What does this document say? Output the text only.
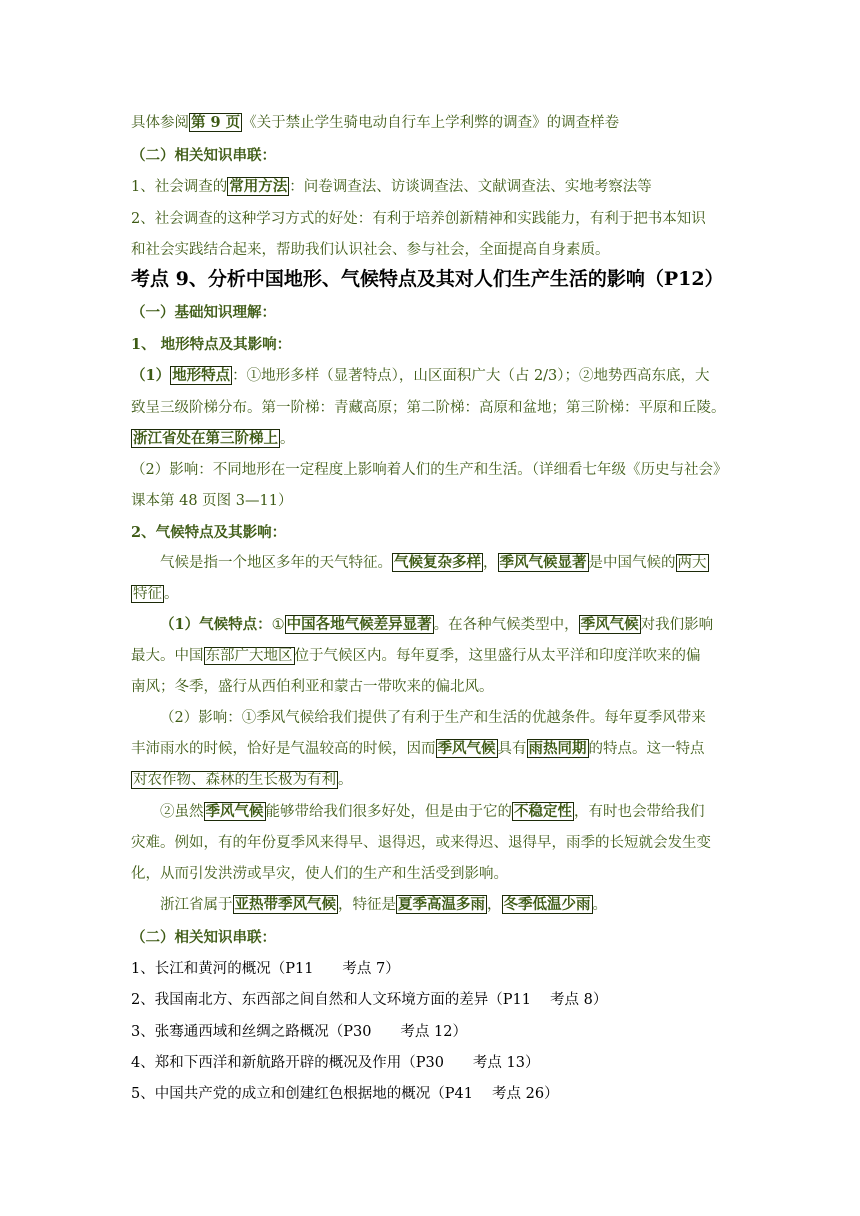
具体参阅 第 9 页 《关于禁止学生骑电动自行车上学利弊的调查》的调查样卷
（二）相关知识串联：
1、社会调查的 常用方法 ：问卷调查法、访谈调查法、文献调查法、实地考察法等
2、社会调查的这种学习方式的好处：有利于培养创新精神和实践能力，有利于把书本知识
和社会实践结合起来，帮助我们认识社会、参与社会，全面提高自身素质。
考点 9、分析中国地形、气候特点及其对人们生产生活的影响（P12）
（一）基础知识理解：
1、 地形特点及其影响：
（1） 地形特点 ：①地形多样（显著特点），山区面积广大（占 2/3）；②地势西高东底，大
致呈三级阶梯分布。第一阶梯：青藏高原；第二阶梯：高原和盆地；第三阶梯：平原和丘陵。
浙江省处在第三阶梯上 。
（2）影响：不同地形在一定程度上影响着人们的生产和生活。（详细看七年级《历史与社会》
课本第 48 页图 3—11）
2、气候特点及其影响：
气候是指一个地区多年的天气特征。 气候复杂多样 ， 季风气候显著 是中国气候的 两大
特征 。
（1）气候特点：① 中国各地气候差异显著 。在各种气候类型中， 季风气候 对我们影响
最大。中国 东部广大地区 位于气候区内。每年夏季，这里盛行从太平洋和印度洋吹来的偏
南风；冬季，盛行从西伯利亚和蒙古一带吹来的偏北风。
（2）影响：①季风气候给我们提供了有利于生产和生活的优越条件。每年夏季风带来
丰沛雨水的时候，恰好是气温较高的时候，因而 季风气候 具有 雨热同期 的特点。这一特点
对农作物、森林的生长极为有利 。
②虽然 季风气候 能够带给我们很多好处，但是由于它的 不稳定性 ，有时也会带给我们
灾难。例如，有的年份夏季风来得早、退得迟，或来得迟、退得早，雨季的长短就会发生变
化，从而引发洪涝或旱灾，使人们的生产和生活受到影响。
浙江省属于 亚热带季风气候 ，特征是 夏季高温多雨 ， 冬季低温少雨 。
（二）相关知识串联：
1、长江和黄河的概况（P11　　考点 7）
2、我国南北方、东西部之间自然和人文环境方面的差异（P11　 考点 8）
3、张骞通西域和丝绸之路概况（P30　　考点 12）
4、郑和下西洋和新航路开辟的概况及作用（P30　　考点 13）
5、中国共产党的成立和创建红色根据地的概况（P41　 考点 26）
